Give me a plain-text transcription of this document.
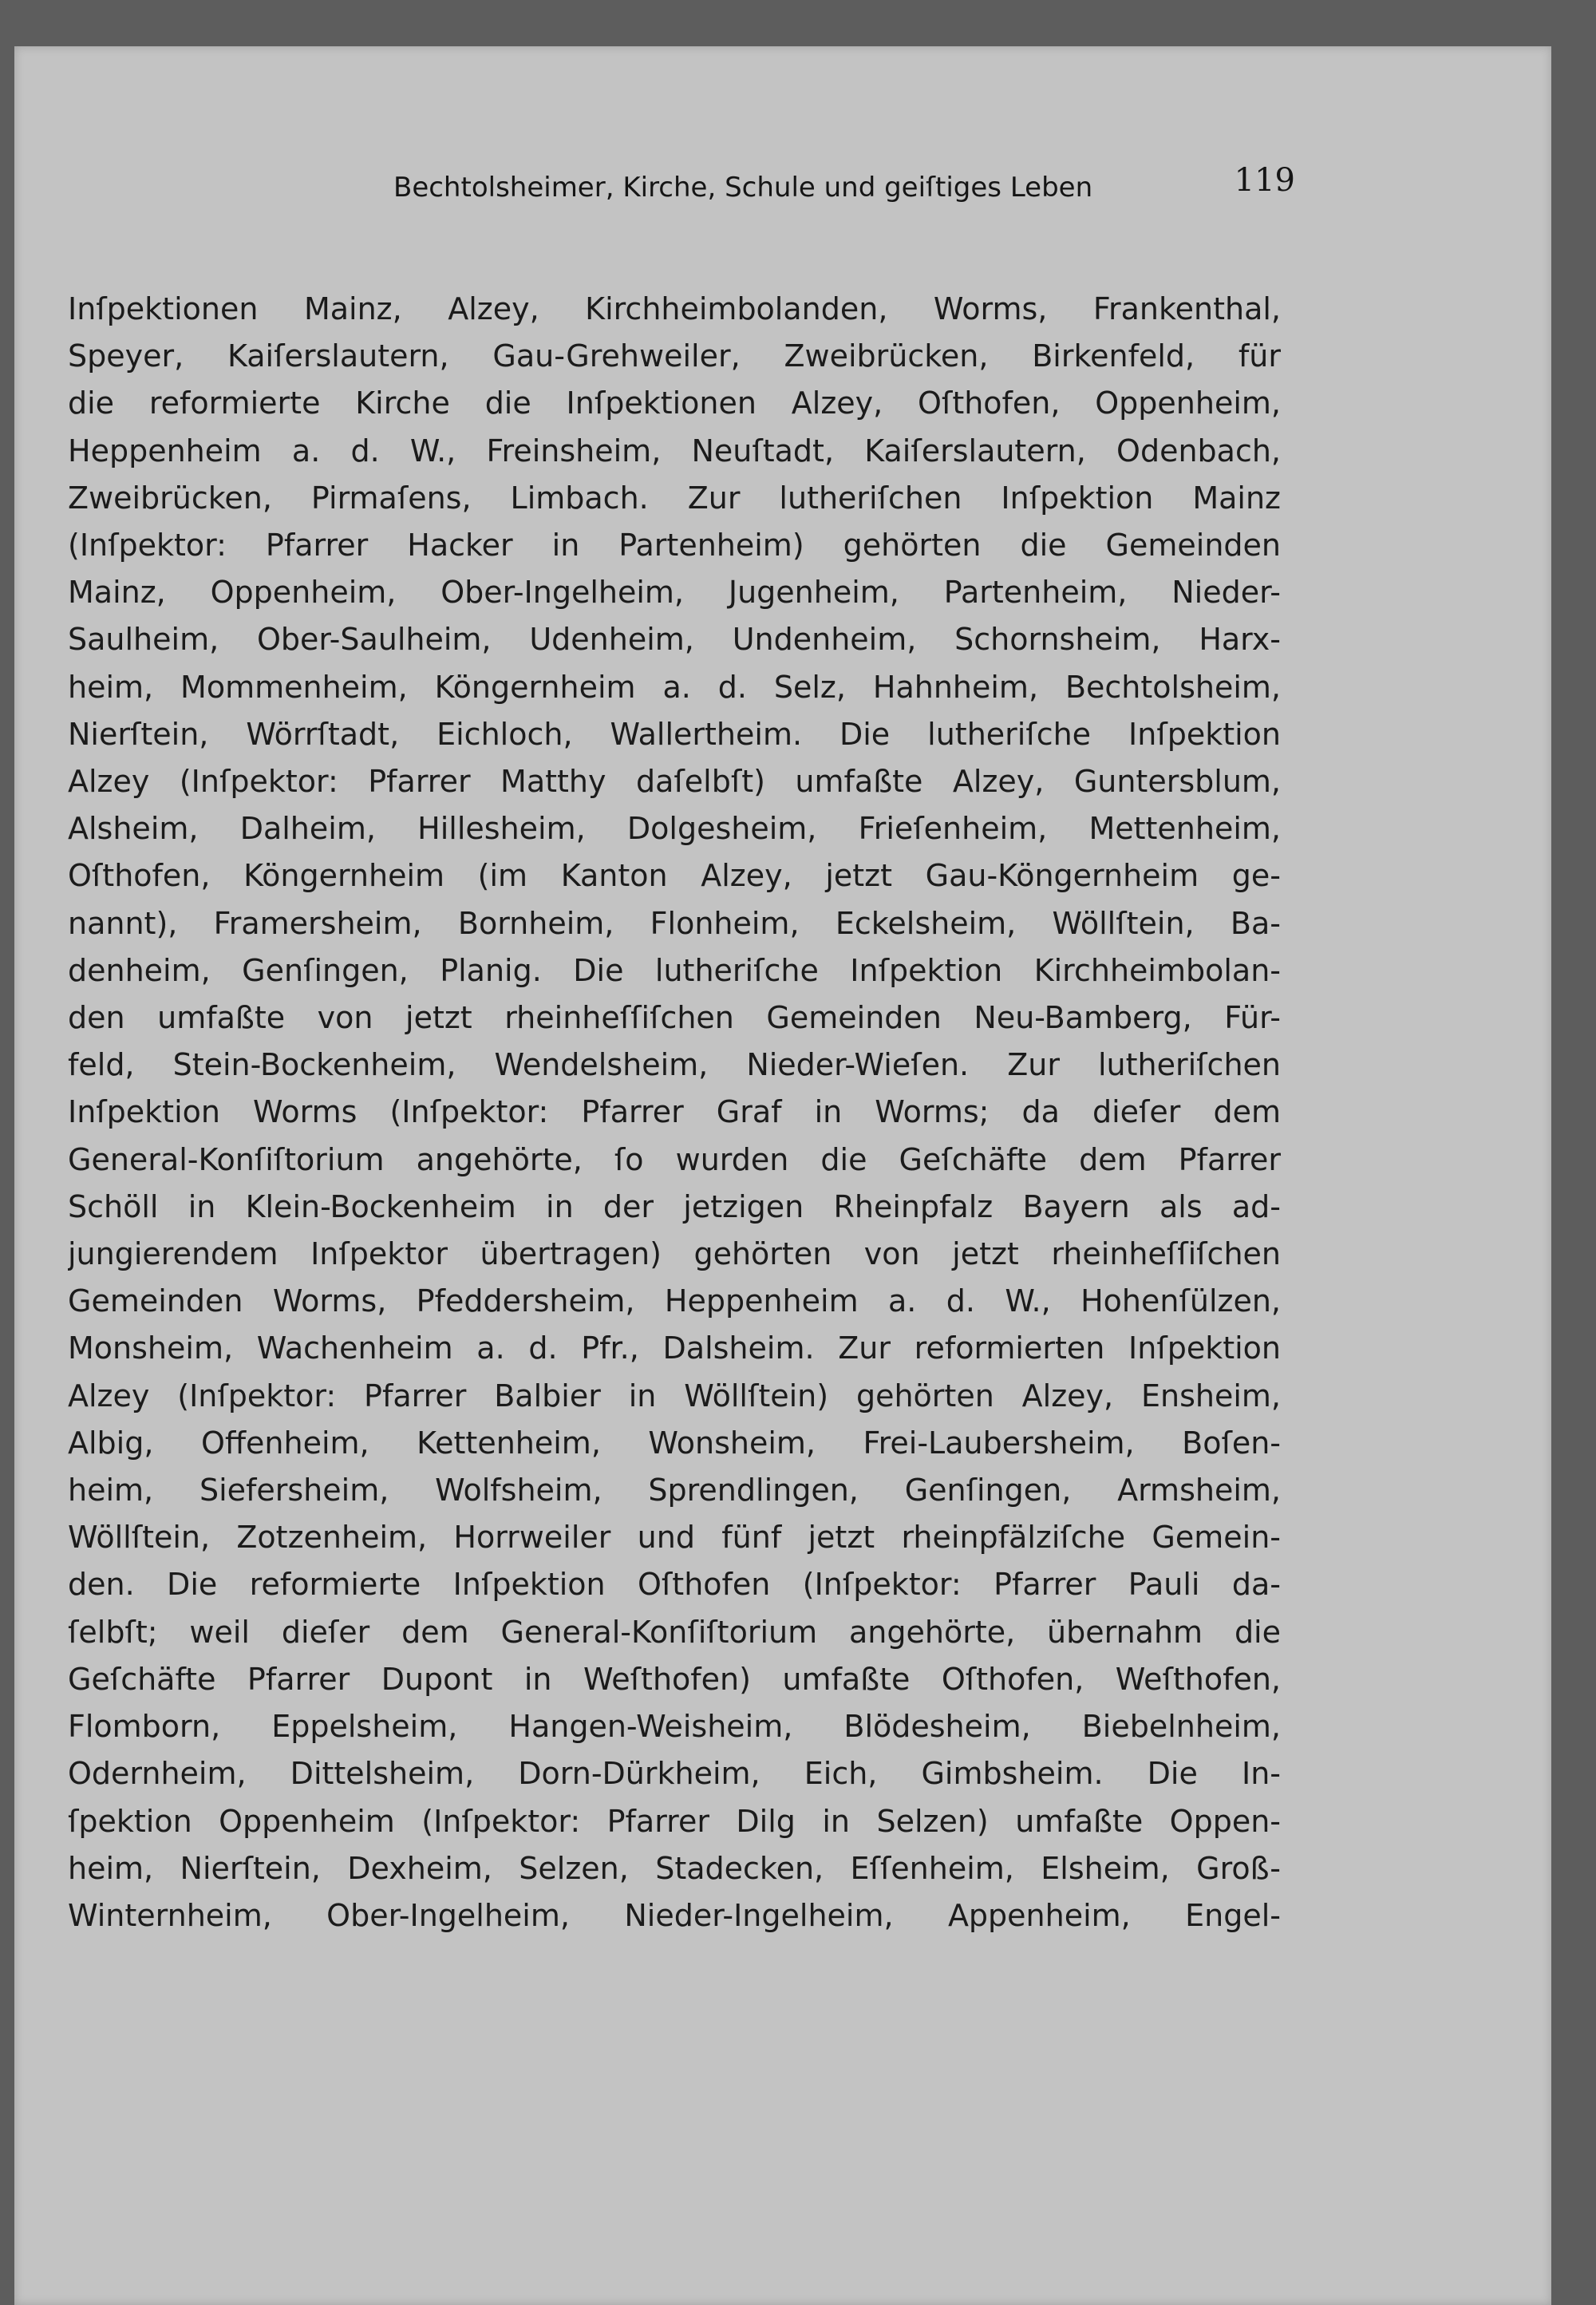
Bechtolsheimer, Kirche, Schule und geiſtiges Leben	119
Inſpektionen Mainz, Alzey, Kirchheimbolanden, Worms, Frankenthal,
Speyer, Kaiſerslautern, Gau-Grehweiler, Zweibrücken, Birkenfeld, für
die reformierte Kirche die Inſpektionen Alzey, Oſthofen, Oppenheim,
Heppenheim a. d. W., Freinsheim, Neuſtadt, Kaiſerslautern, Odenbach,
Zweibrücken, Pirmaſens, Limbach. Zur lutheriſchen Inſpektion Mainz
(Inſpektor: Pfarrer Hacker in Partenheim) gehörten die Gemeinden
Mainz, Oppenheim, Ober-Ingelheim, Jugenheim, Partenheim, Nieder-
Saulheim, Ober-Saulheim, Udenheim, Undenheim, Schornsheim, Harx-
heim, Mommenheim, Köngernheim a. d. Selz, Hahnheim, Bechtolsheim,
Nierſtein, Wörrſtadt, Eichloch, Wallertheim. Die lutheriſche Inſpektion
Alzey (Inſpektor: Pfarrer Matthy daſelbſt) umfaßte Alzey, Guntersblum,
Alsheim, Dalheim, Hillesheim, Dolgesheim, Frieſenheim, Mettenheim,
Oſthofen, Köngernheim (im Kanton Alzey, jetzt Gau-Köngernheim ge-
nannt), Framersheim, Bornheim, Flonheim, Eckelsheim, Wöllſtein, Ba-
denheim, Genſingen, Planig. Die lutheriſche Inſpektion Kirchheimbolan-
den umfaßte von jetzt rheinheſſiſchen Gemeinden Neu-Bamberg, Für-
feld, Stein-Bockenheim, Wendelsheim, Nieder-Wieſen. Zur lutheriſchen
Inſpektion Worms (Inſpektor: Pfarrer Graf in Worms; da dieſer dem
General-Konſiſtorium angehörte, ſo wurden die Geſchäfte dem Pfarrer
Schöll in Klein-Bockenheim in der jetzigen Rheinpfalz Bayern als ad-
jungierendem Inſpektor übertragen) gehörten von jetzt rheinheſſiſchen
Gemeinden Worms, Pfeddersheim, Heppenheim a. d. W., Hohenſülzen,
Monsheim, Wachenheim a. d. Pfr., Dalsheim. Zur reformierten Inſpektion
Alzey (Inſpektor: Pfarrer Balbier in Wöllſtein) gehörten Alzey, Ensheim,
Albig, Offenheim, Kettenheim, Wonsheim, Frei-Laubersheim, Boſen-
heim, Siefersheim, Wolfsheim, Sprendlingen, Genſingen, Armsheim,
Wöllſtein, Zotzenheim, Horrweiler und fünf jetzt rheinpfälziſche Gemein-
den. Die reformierte Inſpektion Oſthofen (Inſpektor: Pfarrer Pauli da-
ſelbſt; weil dieſer dem General-Konſiſtorium angehörte, übernahm die
Geſchäfte Pfarrer Dupont in Weſthofen) umfaßte Oſthofen, Weſthofen,
Flomborn, Eppelsheim, Hangen-Weisheim, Blödesheim, Biebelnheim,
Odernheim, Dittelsheim, Dorn-Dürkheim, Eich, Gimbsheim. Die In-
ſpektion Oppenheim (Inſpektor: Pfarrer Dilg in Selzen) umfaßte Oppen-
heim, Nierſtein, Dexheim, Selzen, Stadecken, Eſſenheim, Elsheim, Groß-
Winternheim, Ober-Ingelheim, Nieder-Ingelheim, Appenheim, Engel-
